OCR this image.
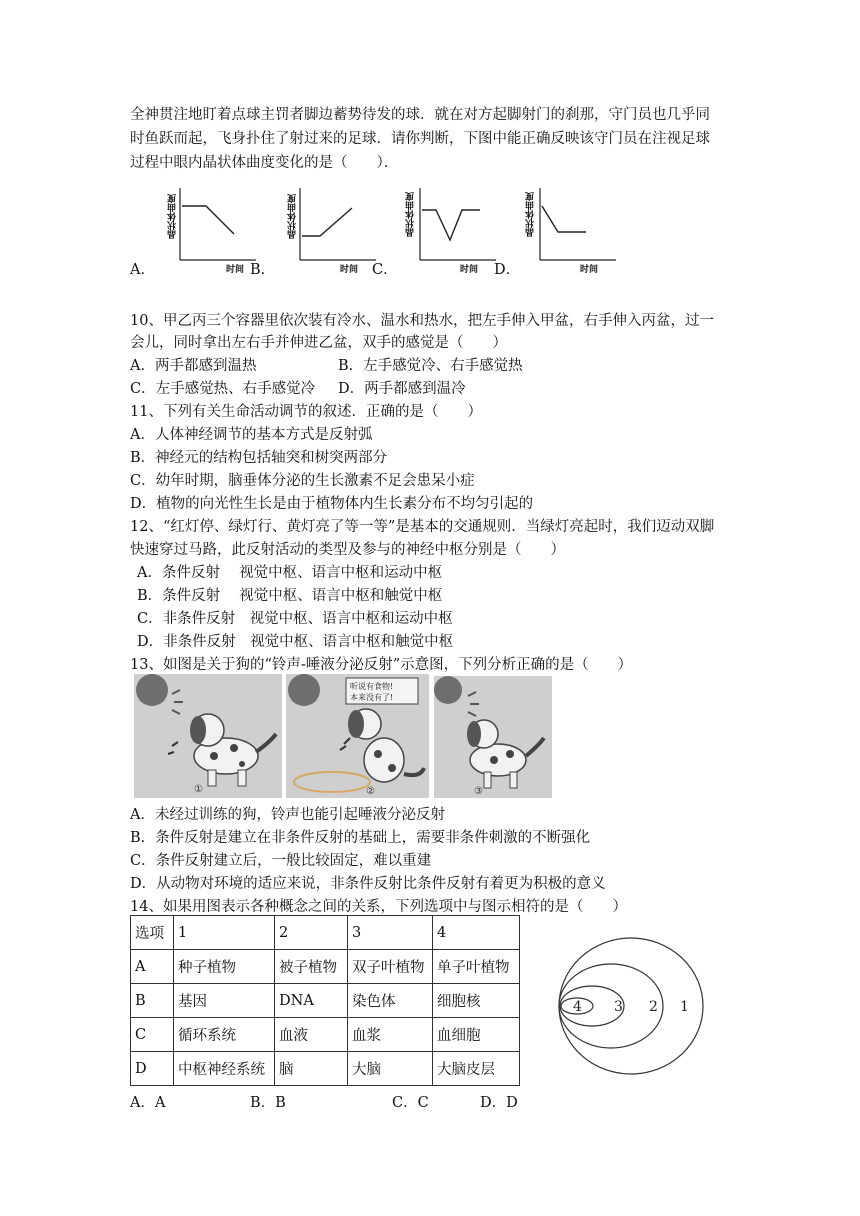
全神贯注地盯着点球主罚者脚边蓄势待发的球．就在对方起脚射门的刹那，守门员也几乎同
时鱼跃而起，飞身扑住了射过来的足球．请你判断，下图中能正确反映该守门员在注视足球
过程中眼内晶状体曲度变化的是（　　）．
A．
晶状体曲度
时间 B．
晶状体曲度
时间 C．
晶状体曲度
时间 D．
晶状体曲度
时间
10、甲乙丙三个容器里依次装有冷水、温水和热水，把左手伸入甲盆，右手伸入丙盆，过一
会儿，同时拿出左右手并伸进乙盆，双手的感觉是（　　）
A．两手都感到温热	B．左手感觉冷、右手感觉热
C．左手感觉热、右手感觉冷 D．两手都感到温冷
11、下列有关生命活动调节的叙述．正确的是（　　）
A．人体神经调节的基本方式是反射弧
B．神经元的结构包括轴突和树突两部分
C．幼年时期，脑垂体分泌的生长激素不足会患呆小症
D．植物的向光性生长是由于植物体内生长素分布不均匀引起的
12、“红灯停、绿灯行、黄灯亮了等一等”是基本的交通规则．当绿灯亮起时，我们迈动双脚
快速穿过马路，此反射活动的类型及参与的神经中枢分别是（　　）
A．条件反射　 视觉中枢、语言中枢和运动中枢
B．条件反射　 视觉中枢、语言中枢和触觉中枢
C．非条件反射　视觉中枢、语言中枢和运动中枢
D．非条件反射　视觉中枢、语言中枢和触觉中枢
13、如图是关于狗的“铃声-唾液分泌反射”示意图，下列分析正确的是（　　）
①
听说有食物!
本来没有了!
②	③
A．未经过训练的狗，铃声也能引起唾液分泌反射
B．条件反射是建立在非条件反射的基础上，需要非条件刺激的不断强化
C．条件反射建立后，一般比较固定，难以重建
D．从动物对环境的适应来说，非条件反射比条件反射有着更为积极的意义
14、如果用图表示各种概念之间的关系，下列选项中与图示相符的是（　　）
选项	1	2	3	4
A	种子植物	被子植物	双子叶植物	单子叶植物
B	基因	DNA	染色体	细胞核
C	循环系统	血液	血浆	血细胞
D	中枢神经系统	脑	大脑	大脑皮层
1
2
3
4
A．A	B．B	C．C	D．D
